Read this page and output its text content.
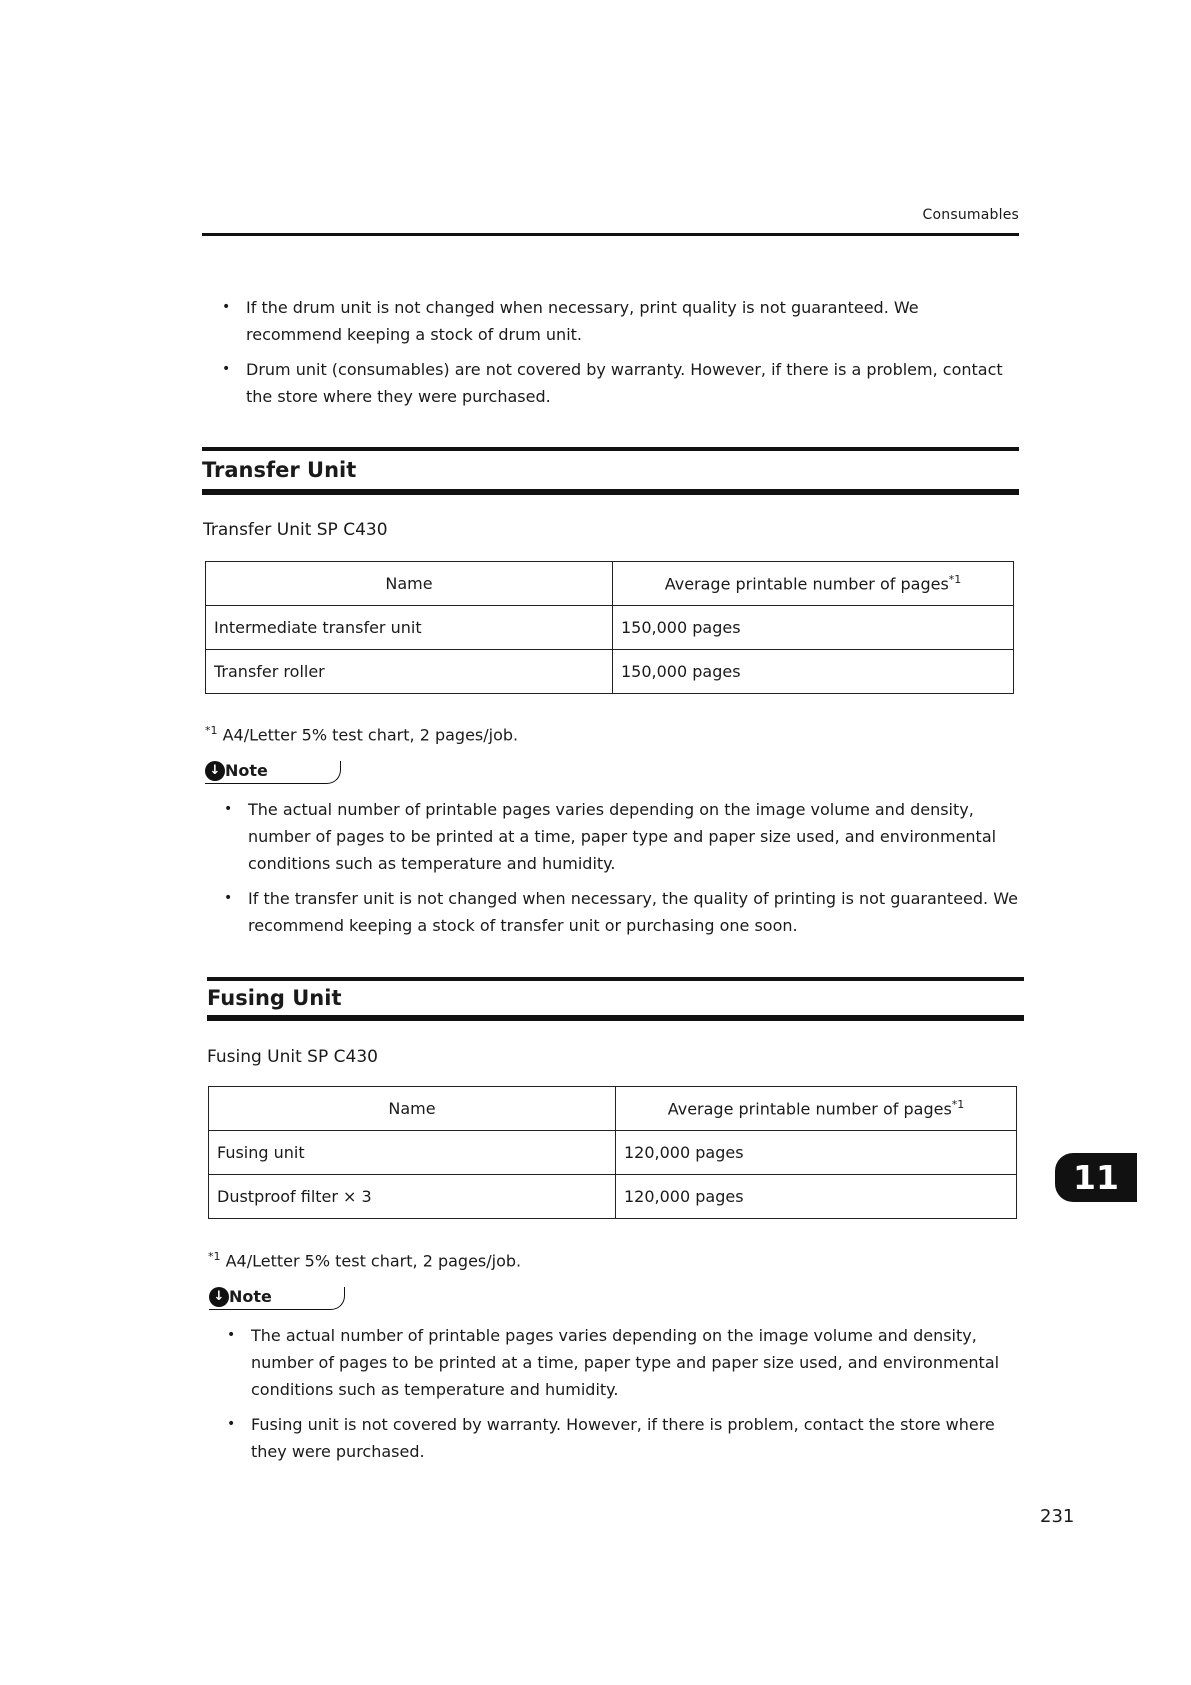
Consumables
• If the drum unit is not changed when necessary, print quality is not guaranteed. We recommend keeping a stock of drum unit.
• Drum unit (consumables) are not covered by warranty. However, if there is a problem, contact the store where they were purchased.
Transfer Unit
Transfer Unit SP C430
Name	Average printable number of pages$^{*1}$
Intermediate transfer unit	150,000 pages
Transfer roller	150,000 pages
$^{*1}$ A4/Letter 5% test chart, 2 pages/job.
↓ Note
• The actual number of printable pages varies depending on the image volume and density, number of pages to be printed at a time, paper type and paper size used, and environmental conditions such as temperature and humidity.
• If the transfer unit is not changed when necessary, the quality of printing is not guaranteed. We recommend keeping a stock of transfer unit or purchasing one soon.
Fusing Unit
Fusing Unit SP C430
Name	Average printable number of pages$^{*1}$
Fusing unit	120,000 pages
Dustproof filter × 3	120,000 pages
$^{*1}$ A4/Letter 5% test chart, 2 pages/job.
↓ Note
• The actual number of printable pages varies depending on the image volume and density, number of pages to be printed at a time, paper type and paper size used, and environmental conditions such as temperature and humidity.
• Fusing unit is not covered by warranty. However, if there is problem, contact the store where they were purchased.
11
231
